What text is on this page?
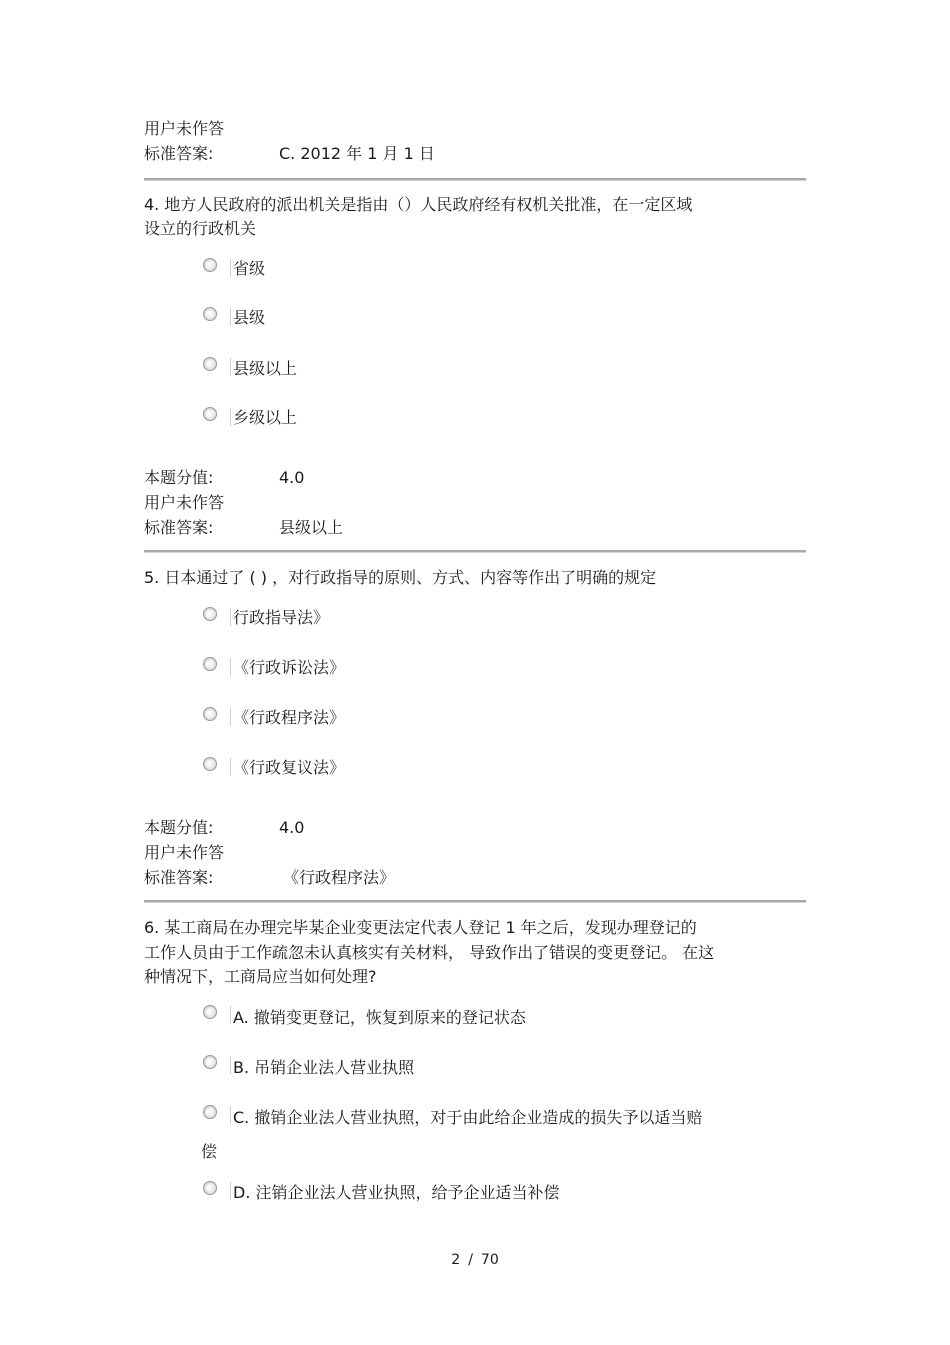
用户未作答
标准答案:	C. 2012 年 1 月 1 日
4. 地方人民政府的派出机关是指由（）人民政府经有权机关批准，在一定区域
设立的行政机关
省级
县级
县级以上
乡级以上
本题分值:	4.0
用户未作答
标准答案:	县级以上
5. 日本通过了 ( ) ，对行政指导的原则、方式、内容等作出了明确的规定
行政指导法》
《行政诉讼法》
《行政程序法》
《行政复议法》
本题分值:	4.0
用户未作答
标准答案:	《行政程序法》
6. 某工商局在办理完毕某企业变更法定代表人登记 1 年之后，发现办理登记的
工作人员由于工作疏忽未认真核实有关材料， 导致作出了错误的变更登记。 在这
种情况下，工商局应当如何处理?
A. 撤销变更登记，恢复到原来的登记状态
B. 吊销企业法人营业执照
C. 撤销企业法人营业执照，对于由此给企业造成的损失予以适当赔
偿
D. 注销企业法人营业执照，给予企业适当补偿
2 / 70
